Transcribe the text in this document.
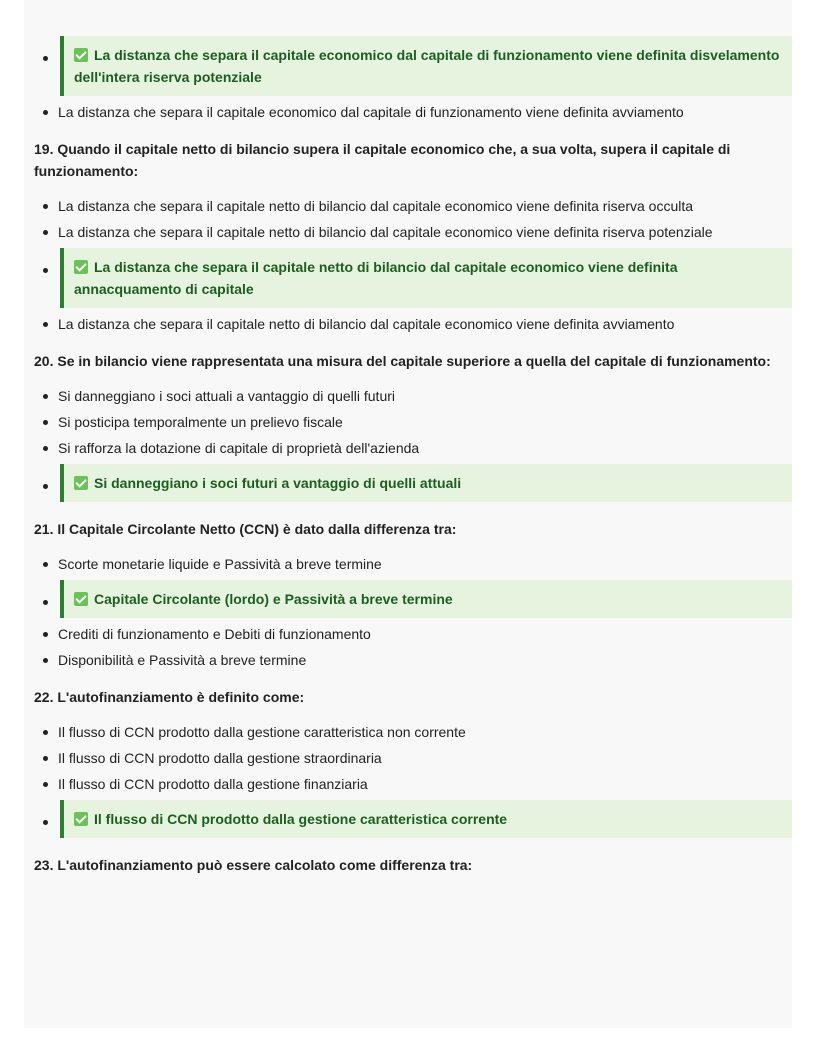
La distanza che separa il capitale economico dal capitale di funzionamento viene definita disvelamento dell'intera riserva potenziale
La distanza che separa il capitale economico dal capitale di funzionamento viene definita avviamento
19. Quando il capitale netto di bilancio supera il capitale economico che, a sua volta, supera il capitale di funzionamento:
La distanza che separa il capitale netto di bilancio dal capitale economico viene definita riserva occulta
La distanza che separa il capitale netto di bilancio dal capitale economico viene definita riserva potenziale
La distanza che separa il capitale netto di bilancio dal capitale economico viene definita annacquamento di capitale
La distanza che separa il capitale netto di bilancio dal capitale economico viene definita avviamento
20. Se in bilancio viene rappresentata una misura del capitale superiore a quella del capitale di funzionamento:
Si danneggiano i soci attuali a vantaggio di quelli futuri
Si posticipa temporalmente un prelievo fiscale
Si rafforza la dotazione di capitale di proprietà dell'azienda
Si danneggiano i soci futuri a vantaggio di quelli attuali
21. Il Capitale Circolante Netto (CCN) è dato dalla differenza tra:
Scorte monetarie liquide e Passività a breve termine
Capitale Circolante (lordo) e Passività a breve termine
Crediti di funzionamento e Debiti di funzionamento
Disponibilità e Passività a breve termine
22. L'autofinanziamento è definito come:
Il flusso di CCN prodotto dalla gestione caratteristica non corrente
Il flusso di CCN prodotto dalla gestione straordinaria
Il flusso di CCN prodotto dalla gestione finanziaria
Il flusso di CCN prodotto dalla gestione caratteristica corrente
23. L'autofinanziamento può essere calcolato come differenza tra:
